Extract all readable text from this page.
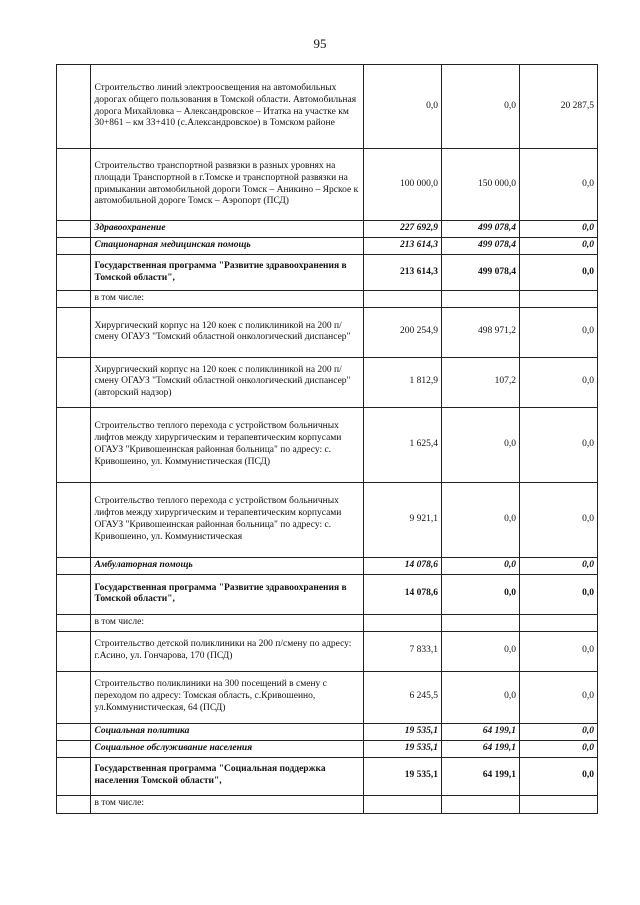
95
	Строительство линий электроосвещения на автомобильных дорогах общего пользования в Томской области. Автомобильная дорога Михайловка – Александровское – Итатка на участке км 30+861 – км 33+410 (с.Александровское) в Томском районе	0,0	0,0	20 287,5
	Строительство транспортной развязки в разных уровнях на площади Транспортной в г.Томске и транспортной развязки на примыкании автомобильной дороги Томск – Аникино – Ярское к автомобильной дороге Томск – Аэропорт (ПСД)	100 000,0	150 000,0	0,0
	Здравоохранение	227 692,9	499 078,4	0,0
	Стационарная медицинская помощь	213 614,3	499 078,4	0,0
	Государственная программа "Развитие здравоохранения в Томской области",	213 614,3	499 078,4	0,0
	в том числе:			
	Хирургический корпус на 120 коек с поликлиникой на 200 п/смену ОГАУЗ "Томский областной онкологический диспансер"	200 254,9	498 971,2	0,0
	Хирургический корпус на 120 коек с поликлиникой на 200 п/смену ОГАУЗ "Томский областной онкологический диспансер" (авторский надзор)	1 812,9	107,2	0,0
	Строительство теплого перехода с устройством больничных лифтов между хирургическим и терапевтическим корпусами ОГАУЗ "Кривошеинская районная больница" по адресу: с. Кривошеино, ул. Коммунистическая (ПСД)	1 625,4	0,0	0,0
	Строительство теплого перехода с устройством больничных лифтов между хирургическим и терапевтическим корпусами ОГАУЗ "Кривошеинская районная больница" по адресу: с. Кривошеино, ул. Коммунистическая	9 921,1	0,0	0,0
	Амбулаторная помощь	14 078,6	0,0	0,0
	Государственная программа "Развитие здравоохранения в Томской области",	14 078,6	0,0	0,0
	в том числе:			
	Строительство детской поликлиники на 200 п/смену по адресу: г.Асино, ул. Гончарова, 170 (ПСД)	7 833,1	0,0	0,0
	Строительство поликлиники на 300 посещений в смену с переходом по адресу: Томская область, с.Кривошеино, ул.Коммунистическая, 64 (ПСД)	6 245,5	0,0	0,0
	Социальная политика	19 535,1	64 199,1	0,0
	Социальное обслуживание населения	19 535,1	64 199,1	0,0
	Государственная программа "Социальная поддержка населения Томской области",	19 535,1	64 199,1	0,0
	в том числе:			
